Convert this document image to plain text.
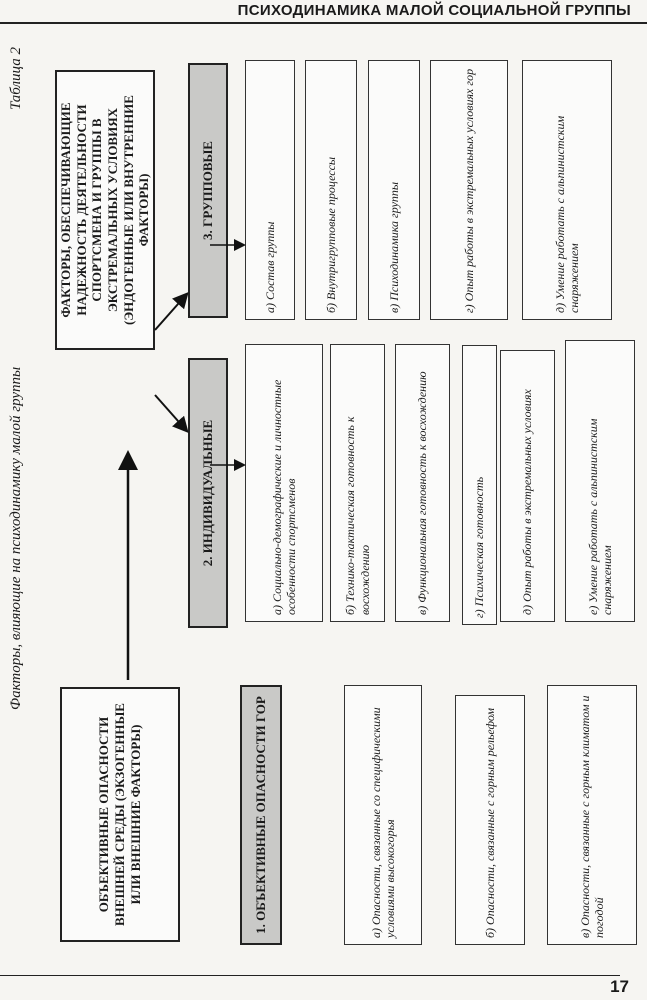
ПСИХОДИНАМИКА МАЛОЙ СОЦИАЛЬНОЙ ГРУППЫ
Таблица 2
Факторы, влияющие на психодинамику малой группы
ФАКТОРЫ, ОБЕСПЕЧИВАЮЩИЕ НАДЕЖНОСТЬ ДЕЯТЕЛЬНОСТИ СПОРТСМЕНА И ГРУППЫ В ЭКСТРЕМАЛЬНЫХ УСЛОВИЯХ (ЭНДОГЕННЫЕ ИЛИ ВНУТРЕННИЕ ФАКТОРЫ)
ОБЪЕКТИВНЫЕ ОПАСНОСТИ ВНЕШНЕЙ СРЕДЫ (ЭКЗОГЕННЫЕ ИЛИ ВНЕШНИЕ ФАКТОРЫ)	1. ОБЪЕКТИВНЫЕ ОПАСНОСТИ ГОР
2. ИНДИВИДУАЛЬНЫЕ
3. ГРУППОВЫЕ
а) Состав группы	б) Внутригрупповые процессы	в) Психодинамика группы	г) Опыт работы в экстремальных условиях гор	д) Умение работать с альпинистским снаряжением
а) Социально-демографические и личностные особенности спортсменов	б) Технико-тактическая готовность к восхождению	в) Функциональная готовность к восхождению	г) Психическая готовность	д) Опыт работы в экстремальных условиях	е) Умение работать с альпинистским снаряжением
а) Опасности, связанные со специфическими условиями высокогорья	б) Опасности, связанные с горным рельефом	в) Опасности, связанные с горным климатом и погодой
17
